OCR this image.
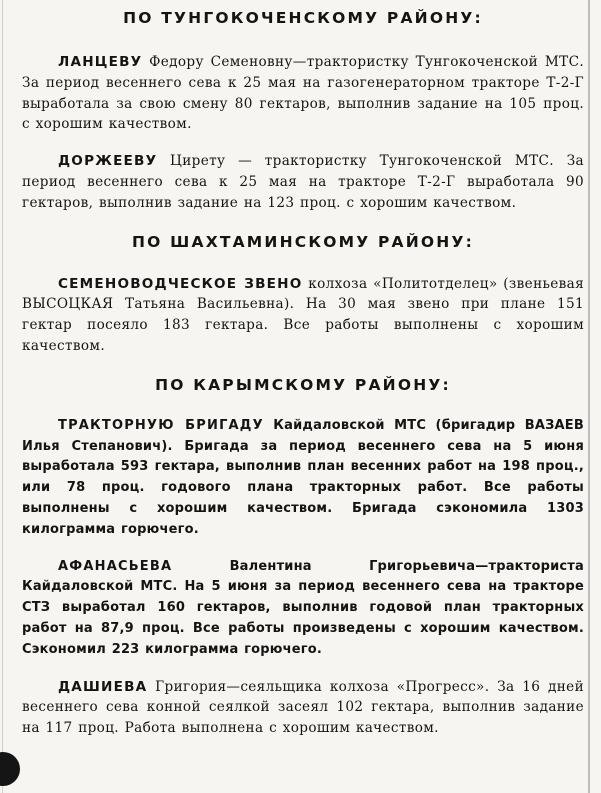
ПО ТУНГОКОЧЕНСКОМУ РАЙОНУ:

ЛАНЦЕВУ Федору Семеновну—трактористку Тунгокоченской МТС. За период весеннего сева к 25 мая на газогенераторном тракторе Т-2-Г выработала за свою смену 80 гектаров, выполнив задание на 105 проц. с хорошим качеством.

ДОРЖЕЕВУ Цирету — трактористку Тунгокоченской МТС. За период весеннего сева к 25 мая на тракторе Т-2-Г выработала 90 гектаров, выполнив задание на 123 проц. с хорошим качеством.

ПО ШАХТАМИНСКОМУ РАЙОНУ:

СЕМЕНОВОДЧЕСКОЕ ЗВЕНО колхоза «Политотделец» (звеньевая ВЫСОЦКАЯ Татьяна Васильевна). На 30 мая звено при плане 151 гектар посеяло 183 гектара. Все работы выполнены с хорошим качеством.

ПО КАРЫМСКОМУ РАЙОНУ:

ТРАКТОРНУЮ БРИГАДУ Кайдаловской МТС (бригадир ВАЗАЕВ Илья Степанович). Бригада за период весеннего сева на 5 июня выработала 593 гектара, выполнив план весенних работ на 198 проц., или 78 проц. годового плана тракторных работ. Все работы выполнены с хорошим качеством. Бригада сэкономила 1303 килограмма горючего.

АФАНАСЬЕВА Валентина Григорьевича—тракториста Кайдаловской МТС. На 5 июня за период весеннего сева на тракторе СТЗ выработал 160 гектаров, выполнив годовой план тракторных работ на 87,9 проц. Все работы произведены с хорошим качеством. Сэкономил 223 килограмма горючего.

ДАШИЕВА Григория—сеяльщика колхоза «Прогресс». За 16 дней весеннего сева конной сеялкой засеял 102 гектара, выполнив задание на 117 проц. Работа выполнена с хорошим качеством.
